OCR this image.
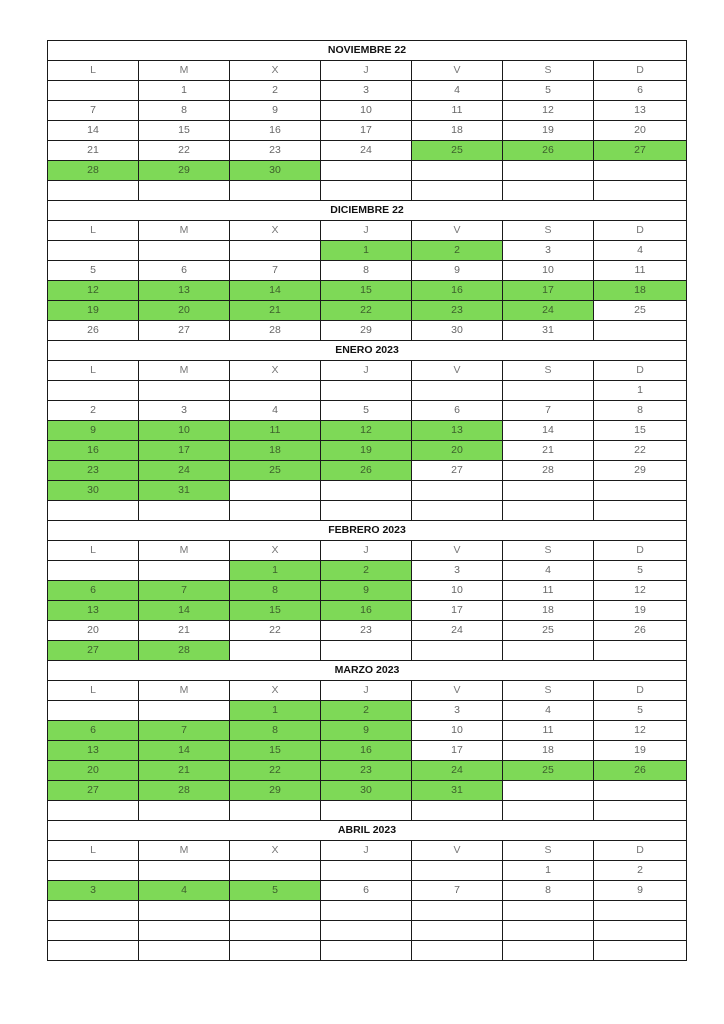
NOVIEMBRE 22						
L	M	X	J	V	S	D
	1	2	3	4	5	6
7	8	9	10	11	12	13
14	15	16	17	18	19	20
21	22	23	24	25	26	27
28	29	30				

DICIEMBRE 22						
L	M	X	J	V	S	D
			1	2	3	4
5	6	7	8	9	10	11
12	13	14	15	16	17	18
19	20	21	22	23	24	25
26	27	28	29	30	31	
ENERO 2023						
L	M	X	J	V	S	D
						1
2	3	4	5	6	7	8
9	10	11	12	13	14	15
16	17	18	19	20	21	22
23	24	25	26	27	28	29
30	31					

FEBRERO 2023						
L	M	X	J	V	S	D
		1	2	3	4	5
6	7	8	9	10	11	12
13	14	15	16	17	18	19
20	21	22	23	24	25	26
27	28					
MARZO 2023						
L	M	X	J	V	S	D
		1	2	3	4	5
6	7	8	9	10	11	12
13	14	15	16	17	18	19
20	21	22	23	24	25	26
27	28	29	30	31		

ABRIL 2023						
L	M	X	J	V	S	D
					1	2
3	4	5	6	7	8	9
